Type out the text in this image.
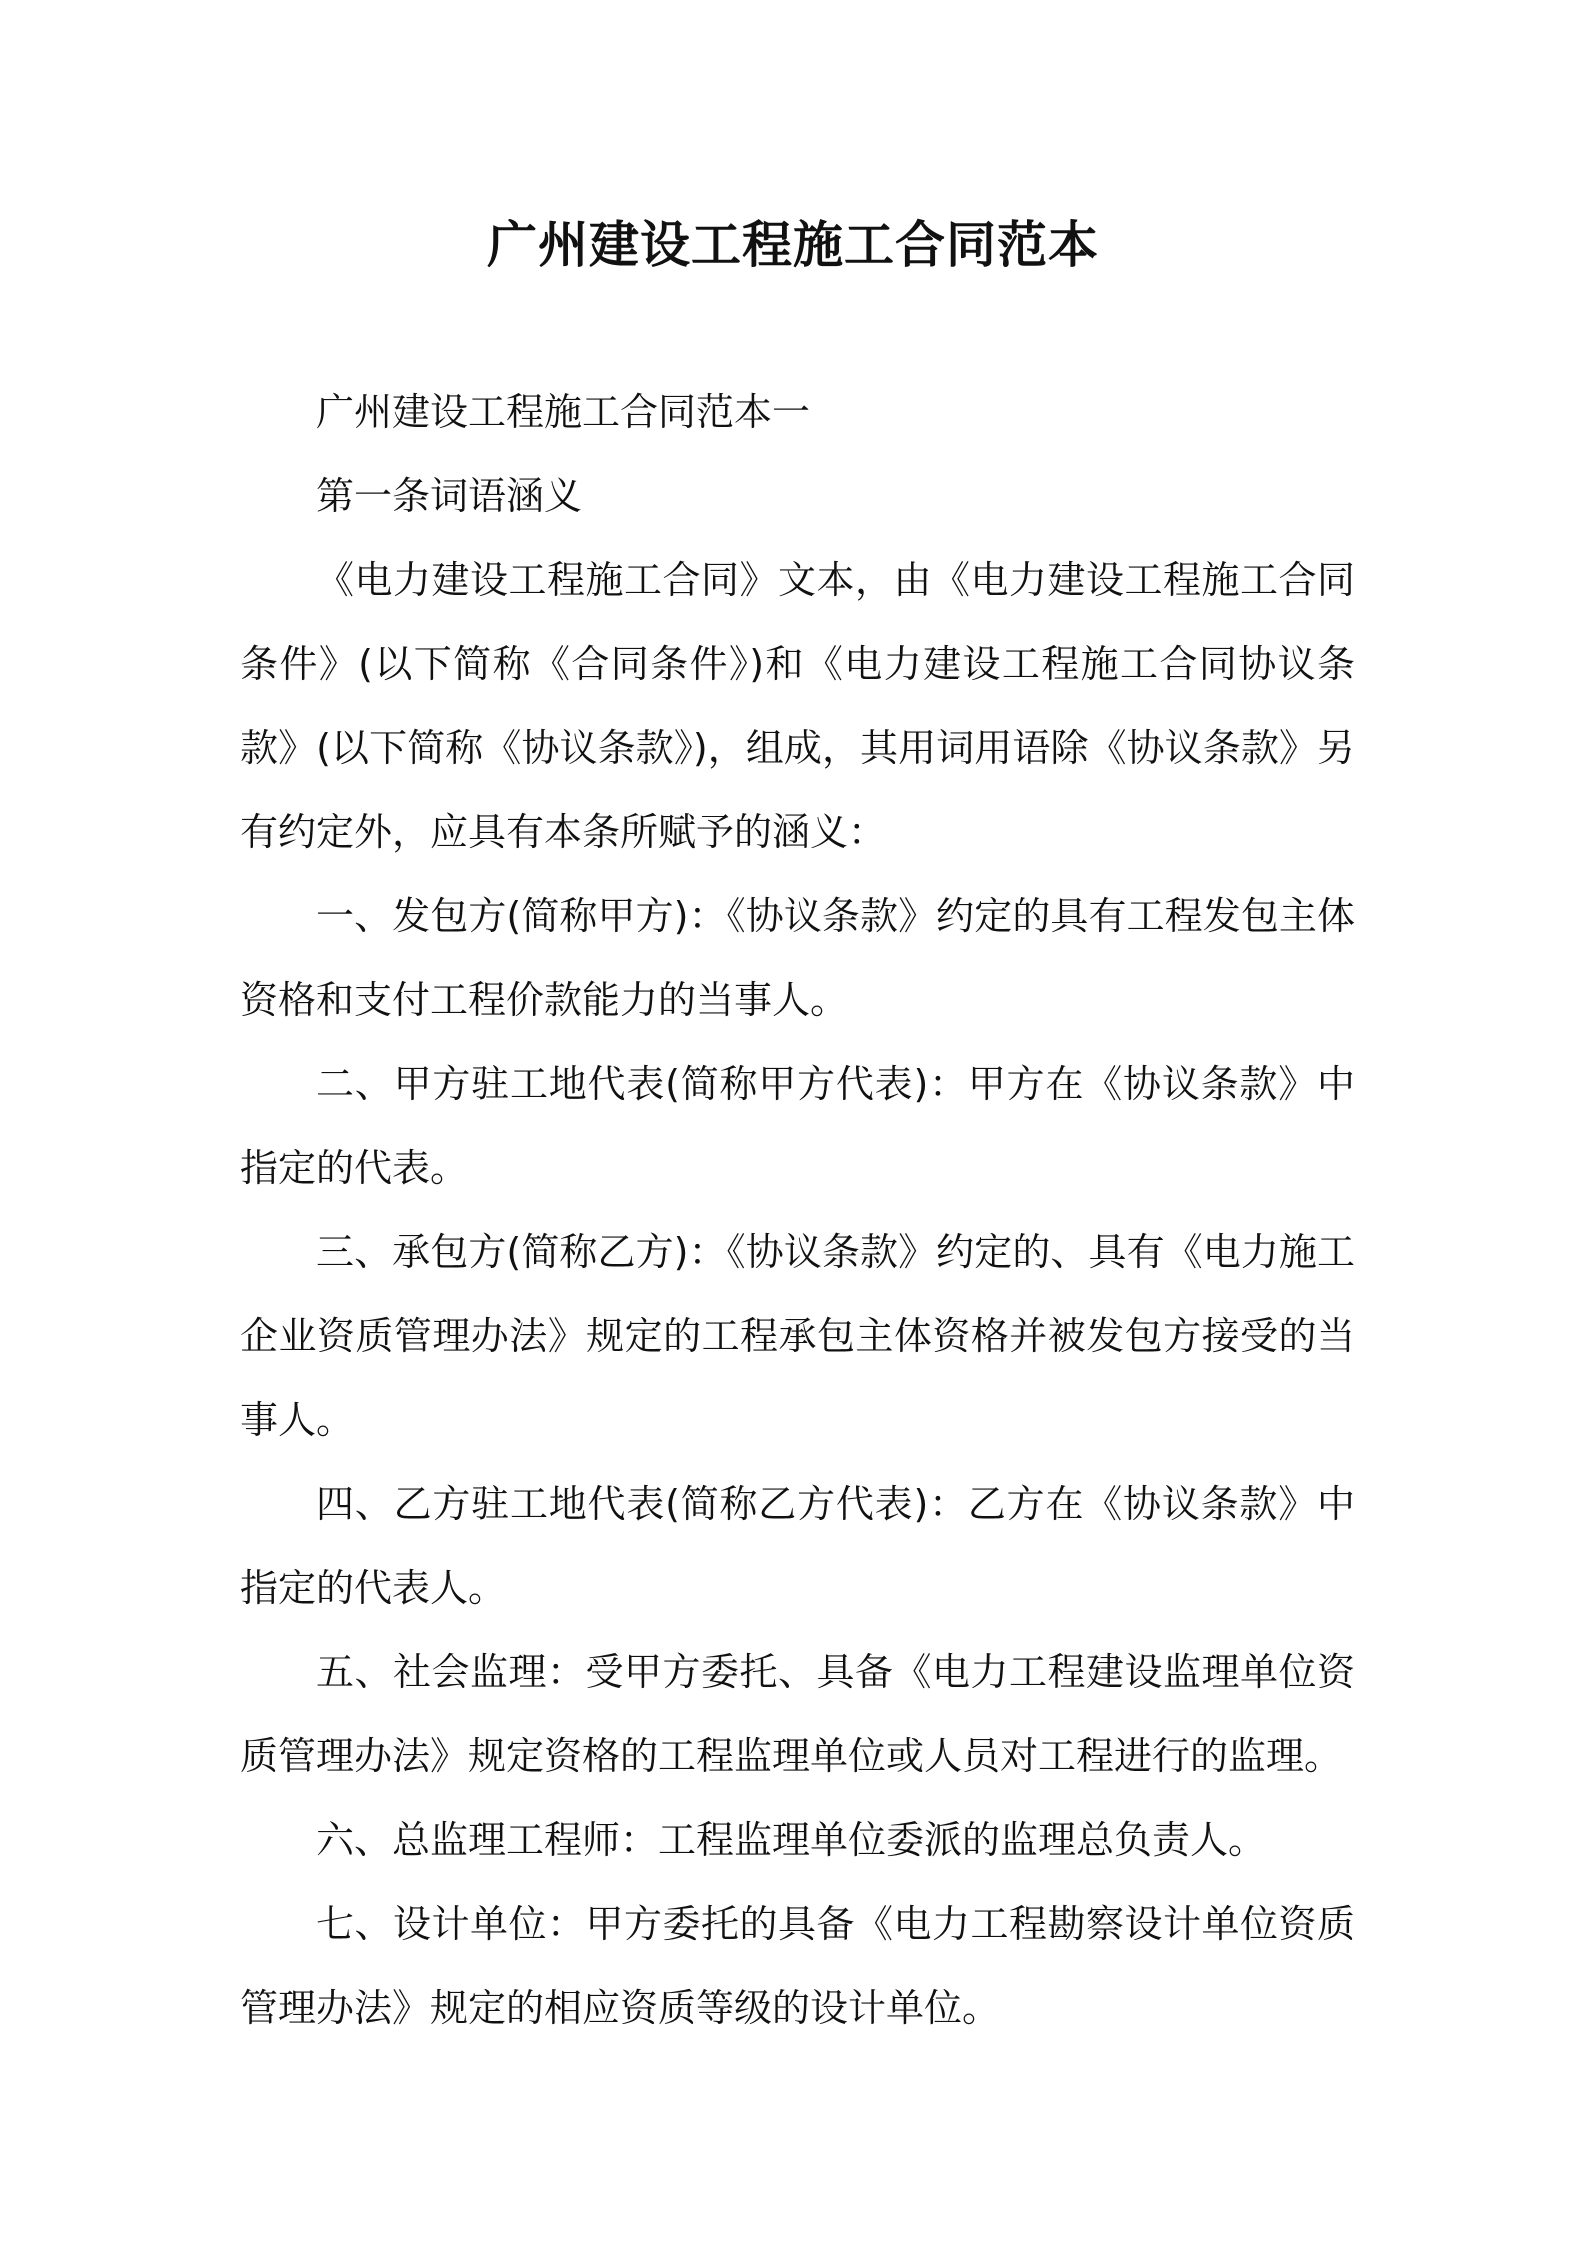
广州建设工程施工合同范本

广州建设工程施工合同范本一

第一条词语涵义

《电力建设工程施工合同》文本，由《电力建设工程施工合同条件》(以下简称《合同条件》)和《电力建设工程施工合同协议条款》(以下简称《协议条款》)，组成，其用词用语除《协议条款》另有约定外，应具有本条所赋予的涵义：

一、发包方(简称甲方)：《协议条款》约定的具有工程发包主体资格和支付工程价款能力的当事人。

二、甲方驻工地代表(简称甲方代表)：甲方在《协议条款》中指定的代表。

三、承包方(简称乙方)：《协议条款》约定的、具有《电力施工企业资质管理办法》规定的工程承包主体资格并被发包方接受的当事人。

四、乙方驻工地代表(简称乙方代表)：乙方在《协议条款》中指定的代表人。

五、社会监理：受甲方委托、具备《电力工程建设监理单位资质管理办法》规定资格的工程监理单位或人员对工程进行的监理。

六、总监理工程师：工程监理单位委派的监理总负责人。

七、设计单位：甲方委托的具备《电力工程勘察设计单位资质管理办法》规定的相应资质等级的设计单位。
